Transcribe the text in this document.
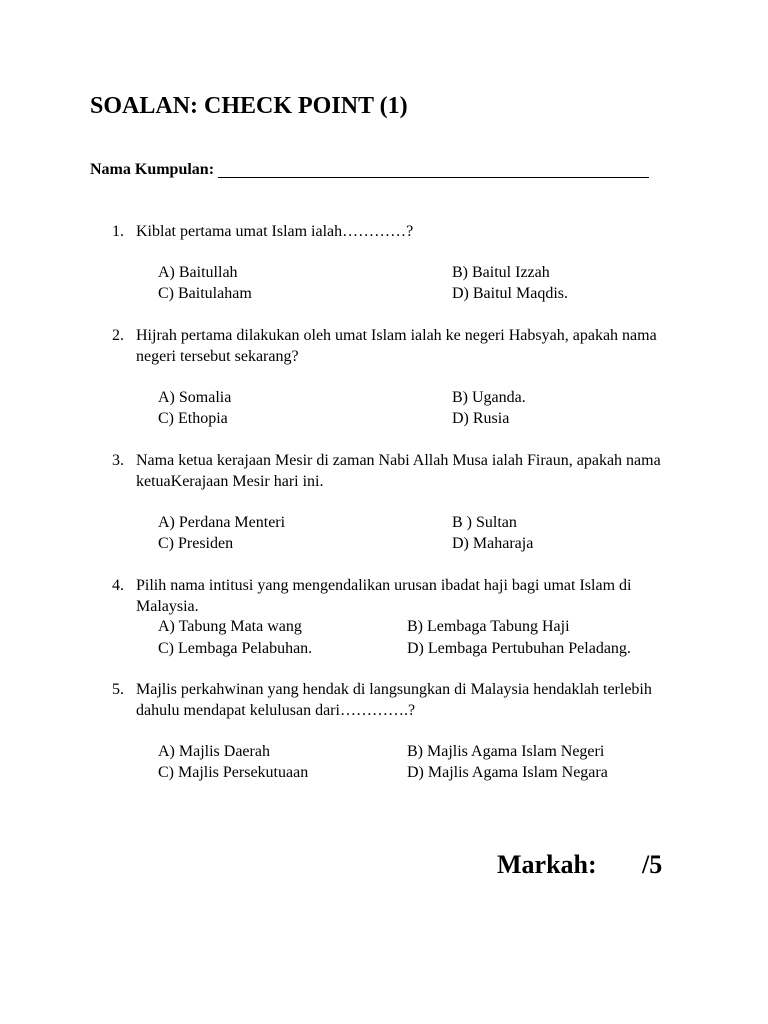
SOALAN: CHECK POINT (1)
Nama Kumpulan:
1. Kiblat pertama umat Islam ialah…………?
A) Baitullah	B) Baitul Izzah
C) Baitulaham	D) Baitul Maqdis.
2. Hijrah pertama dilakukan oleh umat Islam ialah ke negeri Habsyah, apakah nama negeri tersebut sekarang?
A) Somalia	B) Uganda.
C) Ethopia	D) Rusia
3. Nama ketua kerajaan Mesir di zaman Nabi Allah Musa ialah Firaun, apakah nama ketuaKerajaan Mesir hari ini.
A) Perdana Menteri	B ) Sultan
C) Presiden	D) Maharaja
4. Pilih nama intitusi yang mengendalikan urusan ibadat haji bagi umat Islam di Malaysia.
A) Tabung Mata wang	B) Lembaga Tabung Haji
C) Lembaga Pelabuhan.	D) Lembaga Pertubuhan Peladang.
5. Majlis perkahwinan yang hendak di langsungkan di Malaysia hendaklah terlebih dahulu mendapat kelulusan dari………….?
A) Majlis Daerah	B) Majlis Agama Islam Negeri
C) Majlis Persekutuaan	D) Majlis Agama Islam Negara
Markah: /5
